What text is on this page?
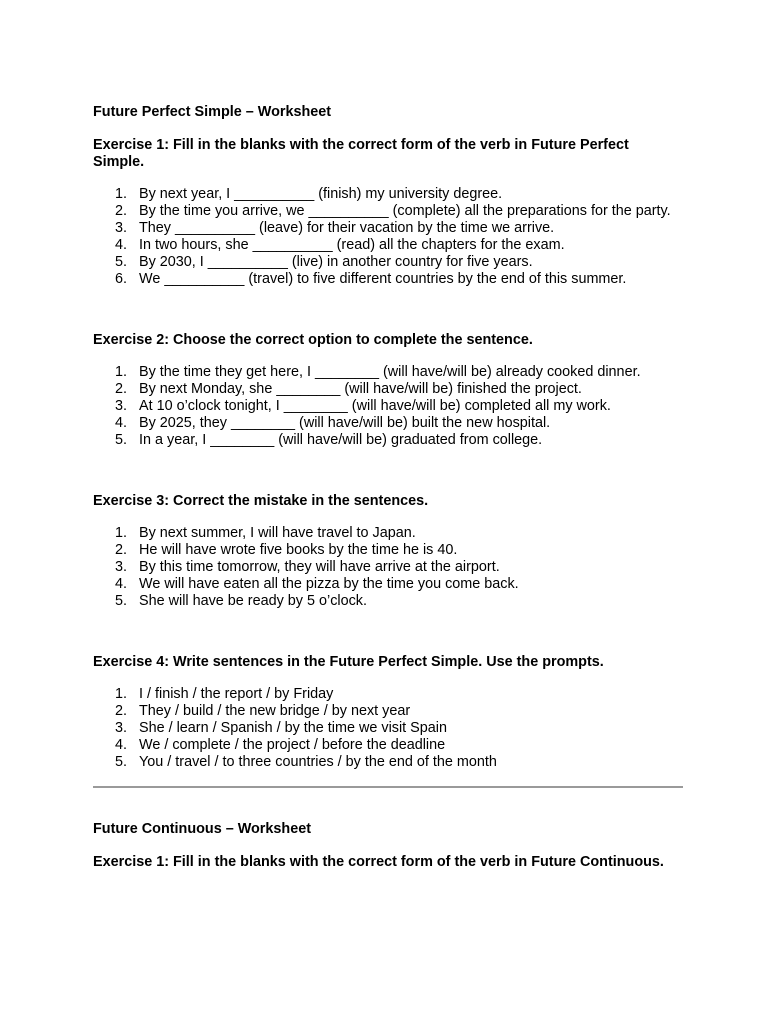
Future Perfect Simple – Worksheet
Exercise 1: Fill in the blanks with the correct form of the verb in Future Perfect Simple.
1. By next year, I __________ (finish) my university degree.
2. By the time you arrive, we __________ (complete) all the preparations for the party.
3. They __________ (leave) for their vacation by the time we arrive.
4. In two hours, she __________ (read) all the chapters for the exam.
5. By 2030, I __________ (live) in another country for five years.
6. We __________ (travel) to five different countries by the end of this summer.
Exercise 2: Choose the correct option to complete the sentence.
1. By the time they get here, I ________ (will have/will be) already cooked dinner.
2. By next Monday, she ________ (will have/will be) finished the project.
3. At 10 o’clock tonight, I ________ (will have/will be) completed all my work.
4. By 2025, they ________ (will have/will be) built the new hospital.
5. In a year, I ________ (will have/will be) graduated from college.
Exercise 3: Correct the mistake in the sentences.
1. By next summer, I will have travel to Japan.
2. He will have wrote five books by the time he is 40.
3. By this time tomorrow, they will have arrive at the airport.
4. We will have eaten all the pizza by the time you come back.
5. She will have be ready by 5 o’clock.
Exercise 4: Write sentences in the Future Perfect Simple. Use the prompts.
1. I / finish / the report / by Friday
2. They / build / the new bridge / by next year
3. She / learn / Spanish / by the time we visit Spain
4. We / complete / the project / before the deadline
5. You / travel / to three countries / by the end of the month
Future Continuous – Worksheet
Exercise 1: Fill in the blanks with the correct form of the verb in Future Continuous.
